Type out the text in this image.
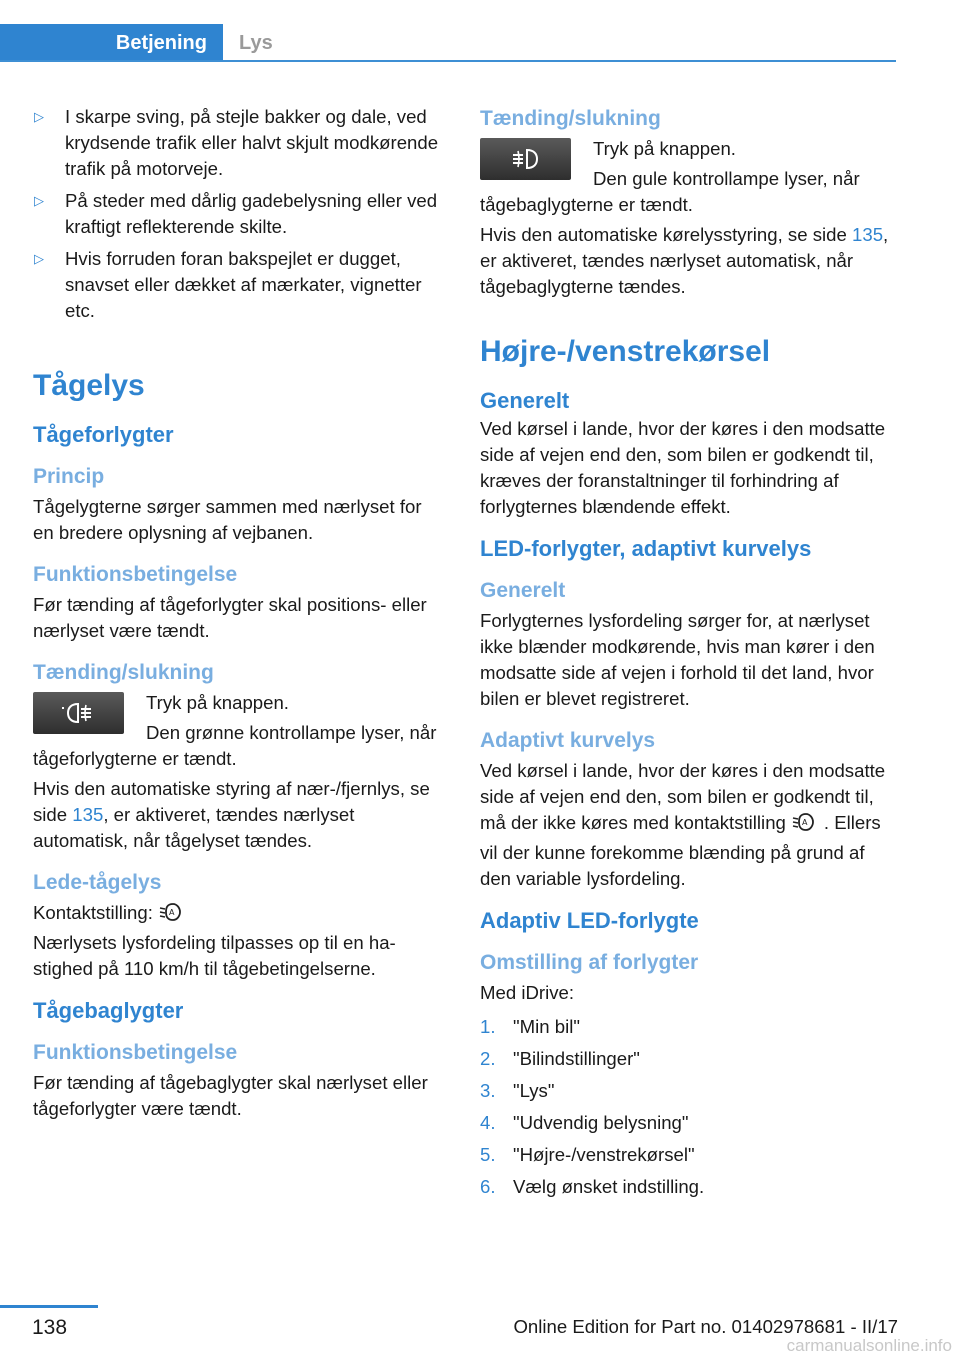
Betjening	Lys
▷ I skarpe sving, på stejle bakker og dale, ved krydsende trafik eller halvt skjult modkørende trafik på motorveje.
▷ På steder med dårlig gadebelysning eller ved kraftigt reflekterende skilte.
▷ Hvis forruden foran bakspejlet er dugget, snavset eller dækket af mærkater, vignetter etc.
Tågelys
Tågeforlygter
Princip
Tågelygterne sørger sammen med nærlyset for en bredere oplysning af vejbanen.
Funktionsbetingelse
Før tænding af tågeforlygter skal positions- eller nærlyset være tændt.
Tænding/slukning
Tryk på knappen.
Den grønne kontrollampe lyser, når tågeforlygterne er tændt.
Hvis den automatiske styring af nær-/fjernlys, se side 135, er aktiveret, tændes nærlyset automatisk, når tågelyset tændes.
Lede-tågelys
Kontaktstilling: A
Nærlysets lysfordeling tilpasses op til en hastighed på 110 km/h til tågebetingelserne.
Tågebaglygter
Funktionsbetingelse
Før tænding af tågebaglygter skal nærlyset eller tågeforlygter være tændt.
Tænding/slukning
Tryk på knappen.
Den gule kontrollampe lyser, når tågebaglygterne er tændt.
Hvis den automatiske kørelysstyring, se side 135, er aktiveret, tændes nærlyset automatisk, når tågebaglygterne tændes.
Højre-/venstrekørsel
Generelt
Ved kørsel i lande, hvor der køres i den modsatte side af vejen end den, som bilen er godkendt til, kræves der foranstaltninger til forhindring af forlygternes blændende effekt.
LED-forlygter, adaptivt kurvelys
Generelt
Forlygternes lysfordeling sørger for, at nærlyset ikke blænder modkørende, hvis man kører i den modsatte side af vejen i forhold til det land, hvor bilen er blevet registreret.
Adaptivt kurvelys
Ved kørsel i lande, hvor der køres i den modsatte side af vejen end den, som bilen er godkendt til, må der ikke køres med kontaktstilling A . Ellers vil der kunne forekomme blænding på grund af den variable lysfordeling.
Adaptiv LED-forlygte
Omstilling af forlygter
Med iDrive:
1. "Min bil"
2. "Bilindstillinger"
3. "Lys"
4. "Udvendig belysning"
5. "Højre-/venstrekørsel"
6. Vælg ønsket indstilling.
138	Online Edition for Part no. 01402978681 - II/17
carmanualsonline.info
